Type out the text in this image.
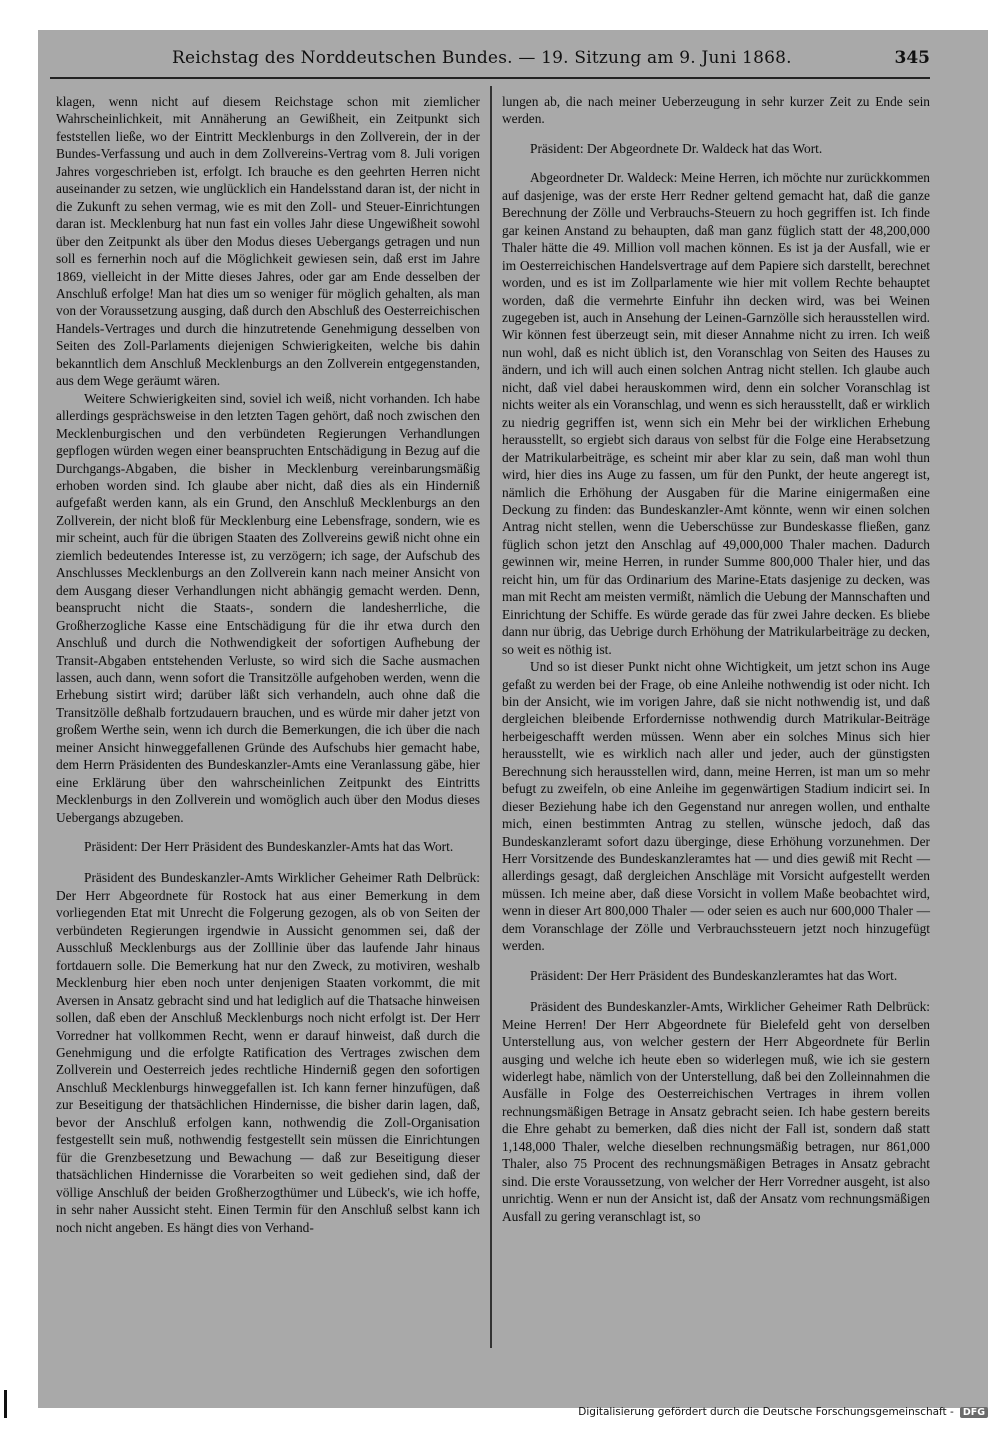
Reichstag des Norddeutschen Bundes. — 19. Sitzung am 9. Juni 1868.	345

klagen, wenn nicht auf diesem Reichstage schon mit ziemlicher Wahrscheinlichkeit, mit Annäherung an Gewißheit, ein Zeitpunkt sich feststellen ließe, wo der Eintritt Mecklenburgs in den Zollverein, der in der Bundes-Verfassung und auch in dem Zollvereins-Vertrag vom 8. Juli vorigen Jahres vorgeschrieben ist, erfolgt. Ich brauche es den geehrten Herren nicht auseinander zu setzen, wie unglücklich ein Handelsstand daran ist, der nicht in die Zukunft zu sehen vermag, wie es mit den Zoll- und Steuer-Einrichtungen daran ist. Mecklenburg hat nun fast ein volles Jahr diese Ungewißheit sowohl über den Zeitpunkt als über den Modus dieses Uebergangs getragen und nun soll es fernerhin noch auf die Möglichkeit gewiesen sein, daß erst im Jahre 1869, vielleicht in der Mitte dieses Jahres, oder gar am Ende desselben der Anschluß erfolge! Man hat dies um so weniger für möglich gehalten, als man von der Voraussetzung ausging, daß durch den Abschluß des Oesterreichischen Handels-Vertrages und durch die hinzutretende Genehmigung desselben von Seiten des Zoll-Parlaments diejenigen Schwierigkeiten, welche bis dahin bekanntlich dem Anschluß Mecklenburgs an den Zollverein entgegenstanden, aus dem Wege geräumt wären.

Weitere Schwierigkeiten sind, soviel ich weiß, nicht vorhanden. Ich habe allerdings gesprächsweise in den letzten Tagen gehört, daß noch zwischen den Mecklenburgischen und den verbündeten Regierungen Verhandlungen gepflogen würden wegen einer beanspruchten Entschädigung in Bezug auf die Durchgangs-Abgaben, die bisher in Mecklenburg vereinbarungsmäßig erhoben worden sind. Ich glaube aber nicht, daß dies als ein Hinderniß aufgefaßt werden kann, als ein Grund, den Anschluß Mecklenburgs an den Zollverein, der nicht bloß für Mecklenburg eine Lebensfrage, sondern, wie es mir scheint, auch für die übrigen Staaten des Zollvereins gewiß nicht ohne ein ziemlich bedeutendes Interesse ist, zu verzögern; ich sage, der Aufschub des Anschlusses Mecklenburgs an den Zollverein kann nach meiner Ansicht von dem Ausgang dieser Verhandlungen nicht abhängig gemacht werden. Denn, beansprucht nicht die Staats-, sondern die landesherrliche, die Großherzogliche Kasse eine Entschädigung für die ihr etwa durch den Anschluß und durch die Nothwendigkeit der sofortigen Aufhebung der Transit-Abgaben entstehenden Verluste, so wird sich die Sache ausmachen lassen, auch dann, wenn sofort die Transitzölle aufgehoben werden, wenn die Erhebung sistirt wird; darüber läßt sich verhandeln, auch ohne daß die Transitzölle deßhalb fortzudauern brauchen, und es würde mir daher jetzt von großem Werthe sein, wenn ich durch die Bemerkungen, die ich über die nach meiner Ansicht hinweggefallenen Gründe des Aufschubs hier gemacht habe, dem Herrn Präsidenten des Bundeskanzler-Amts eine Veranlassung gäbe, hier eine Erklärung über den wahrscheinlichen Zeitpunkt des Eintritts Mecklenburgs in den Zollverein und womöglich auch über den Modus dieses Uebergangs abzugeben.

Präsident: Der Herr Präsident des Bundeskanzler-Amts hat das Wort.

Präsident des Bundeskanzler-Amts Wirklicher Geheimer Rath Delbrück: Der Herr Abgeordnete für Rostock hat aus einer Bemerkung in dem vorliegenden Etat mit Unrecht die Folgerung gezogen, als ob von Seiten der verbündeten Regierungen irgendwie in Aussicht genommen sei, daß der Ausschluß Mecklenburgs aus der Zolllinie über das laufende Jahr hinaus fortdauern solle. Die Bemerkung hat nur den Zweck, zu motiviren, weshalb Mecklenburg hier eben noch unter denjenigen Staaten vorkommt, die mit Aversen in Ansatz gebracht sind und hat lediglich auf die Thatsache hinweisen sollen, daß eben der Anschluß Mecklenburgs noch nicht erfolgt ist. Der Herr Vorredner hat vollkommen Recht, wenn er darauf hinweist, daß durch die Genehmigung und die erfolgte Ratification des Vertrages zwischen dem Zollverein und Oesterreich jedes rechtliche Hinderniß gegen den sofortigen Anschluß Mecklenburgs hinweggefallen ist. Ich kann ferner hinzufügen, daß zur Beseitigung der thatsächlichen Hindernisse, die bisher darin lagen, daß, bevor der Anschluß erfolgen kann, nothwendig die Zoll-Organisation festgestellt sein muß, nothwendig festgestellt sein müssen die Einrichtungen für die Grenzbesetzung und Bewachung — daß zur Beseitigung dieser thatsächlichen Hindernisse die Vorarbeiten so weit gediehen sind, daß der völlige Anschluß der beiden Großherzogthümer und Lübeck's, wie ich hoffe, in sehr naher Aussicht steht. Einen Termin für den Anschluß selbst kann ich noch nicht angeben. Es hängt dies von Verhand-

lungen ab, die nach meiner Ueberzeugung in sehr kurzer Zeit zu Ende sein werden.

Präsident: Der Abgeordnete Dr. Waldeck hat das Wort.

Abgeordneter Dr. Waldeck: Meine Herren, ich möchte nur zurückkommen auf dasjenige, was der erste Herr Redner geltend gemacht hat, daß die ganze Berechnung der Zölle und Verbrauchs-Steuern zu hoch gegriffen ist. Ich finde gar keinen Anstand zu behaupten, daß man ganz füglich statt der 48,200,000 Thaler hätte die 49. Million voll machen können. Es ist ja der Ausfall, wie er im Oesterreichischen Handelsvertrage auf dem Papiere sich darstellt, berechnet worden, und es ist im Zollparlamente wie hier mit vollem Rechte behauptet worden, daß die vermehrte Einfuhr ihn decken wird, was bei Weinen zugegeben ist, auch in Ansehung der Leinen-Garnzölle sich herausstellen wird. Wir können fest überzeugt sein, mit dieser Annahme nicht zu irren. Ich weiß nun wohl, daß es nicht üblich ist, den Voranschlag von Seiten des Hauses zu ändern, und ich will auch einen solchen Antrag nicht stellen. Ich glaube auch nicht, daß viel dabei herauskommen wird, denn ein solcher Voranschlag ist nichts weiter als ein Voranschlag, und wenn es sich herausstellt, daß er wirklich zu niedrig gegriffen ist, wenn sich ein Mehr bei der wirklichen Erhebung herausstellt, so ergiebt sich daraus von selbst für die Folge eine Herabsetzung der Matrikularbeiträge, es scheint mir aber klar zu sein, daß man wohl thun wird, hier dies ins Auge zu fassen, um für den Punkt, der heute angeregt ist, nämlich die Erhöhung der Ausgaben für die Marine einigermaßen eine Deckung zu finden: das Bundeskanzler-Amt könnte, wenn wir einen solchen Antrag nicht stellen, wenn die Ueberschüsse zur Bundeskasse fließen, ganz füglich schon jetzt den Anschlag auf 49,000,000 Thaler machen. Dadurch gewinnen wir, meine Herren, in runder Summe 800,000 Thaler hier, und das reicht hin, um für das Ordinarium des Marine-Etats dasjenige zu decken, was man mit Recht am meisten vermißt, nämlich die Uebung der Mannschaften und Einrichtung der Schiffe. Es würde gerade das für zwei Jahre decken. Es bliebe dann nur übrig, das Uebrige durch Erhöhung der Matrikularbeiträge zu decken, so weit es nöthig ist.

Und so ist dieser Punkt nicht ohne Wichtigkeit, um jetzt schon ins Auge gefaßt zu werden bei der Frage, ob eine Anleihe nothwendig ist oder nicht. Ich bin der Ansicht, wie im vorigen Jahre, daß sie nicht nothwendig ist, und daß dergleichen bleibende Erfordernisse nothwendig durch Matrikular-Beiträge herbeigeschafft werden müssen. Wenn aber ein solches Minus sich hier herausstellt, wie es wirklich nach aller und jeder, auch der günstigsten Berechnung sich herausstellen wird, dann, meine Herren, ist man um so mehr befugt zu zweifeln, ob eine Anleihe im gegenwärtigen Stadium indicirt sei. In dieser Beziehung habe ich den Gegenstand nur anregen wollen, und enthalte mich, einen bestimmten Antrag zu stellen, wünsche jedoch, daß das Bundeskanzleramt sofort dazu überginge, diese Erhöhung vorzunehmen. Der Herr Vorsitzende des Bundeskanzleramtes hat — und dies gewiß mit Recht — allerdings gesagt, daß dergleichen Anschläge mit Vorsicht aufgestellt werden müssen. Ich meine aber, daß diese Vorsicht in vollem Maße beobachtet wird, wenn in dieser Art 800,000 Thaler — oder seien es auch nur 600,000 Thaler — dem Voranschlage der Zölle und Verbrauchssteuern jetzt noch hinzugefügt werden.

Präsident: Der Herr Präsident des Bundeskanzleramtes hat das Wort.

Präsident des Bundeskanzler-Amts, Wirklicher Geheimer Rath Delbrück: Meine Herren! Der Herr Abgeordnete für Bielefeld geht von derselben Unterstellung aus, von welcher gestern der Herr Abgeordnete für Berlin ausging und welche ich heute eben so widerlegen muß, wie ich sie gestern widerlegt habe, nämlich von der Unterstellung, daß bei den Zolleinnahmen die Ausfälle in Folge des Oesterreichischen Vertrages in ihrem vollen rechnungsmäßigen Betrage in Ansatz gebracht seien. Ich habe gestern bereits die Ehre gehabt zu bemerken, daß dies nicht der Fall ist, sondern daß statt 1,148,000 Thaler, welche dieselben rechnungsmäßig betragen, nur 861,000 Thaler, also 75 Procent des rechnungsmäßigen Betrages in Ansatz gebracht sind. Die erste Voraussetzung, von welcher der Herr Vorredner ausgeht, ist also unrichtig. Wenn er nun der Ansicht ist, daß der Ansatz vom rechnungsmäßigen Ausfall zu gering veranschlagt ist, so

Digitalisierung gefördert durch die Deutsche Forschungsgemeinschaft - DFG
